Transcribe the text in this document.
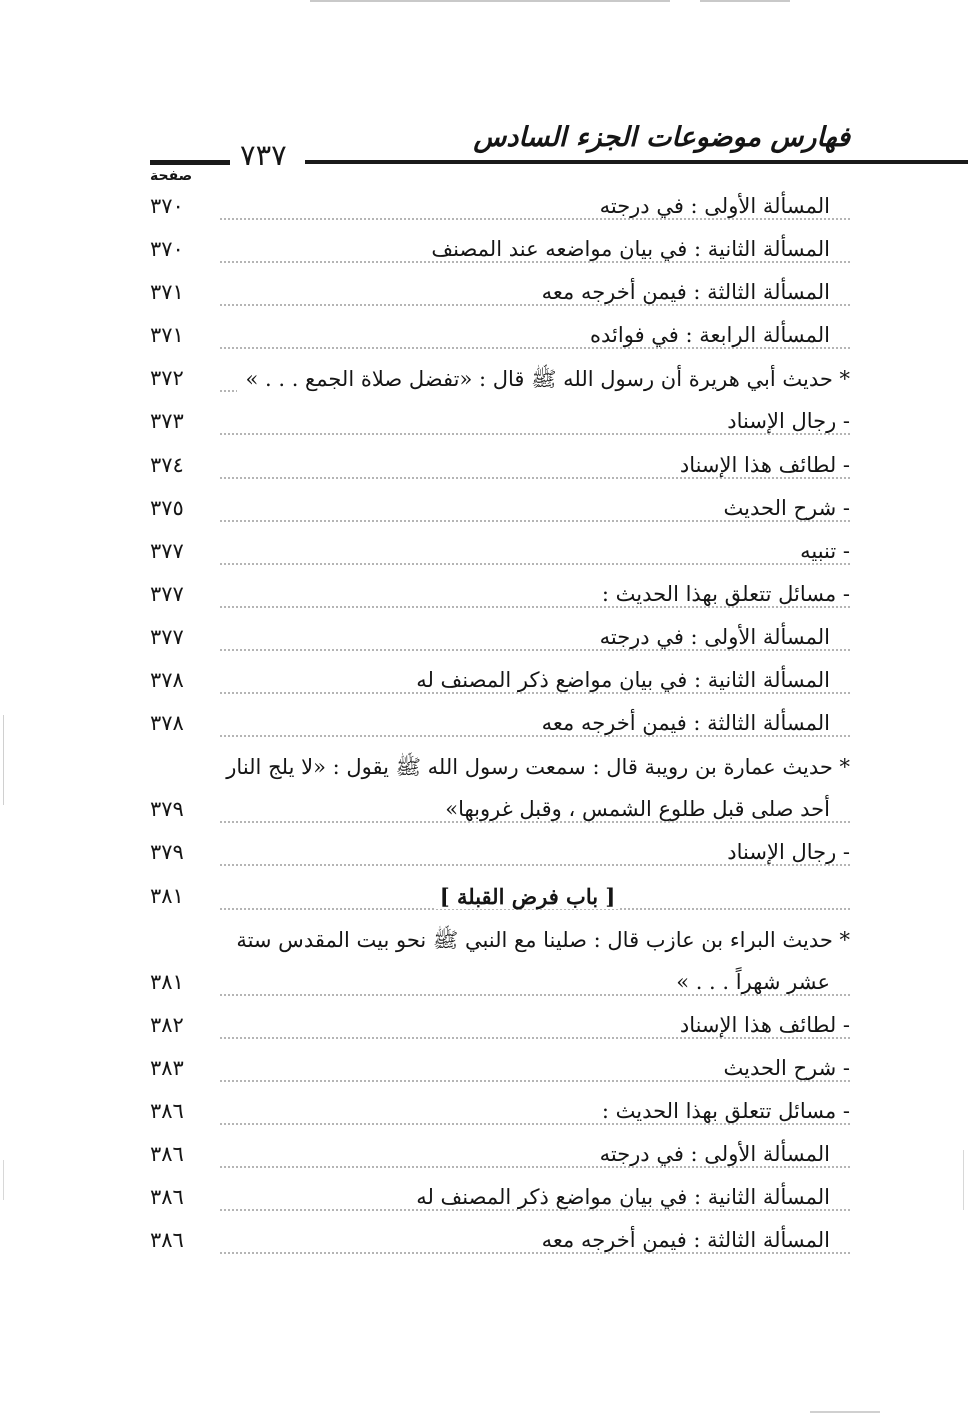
فهارس موضوعات الجزء السادس
٧٣٧
صفحة
المسألة الأولى : في درجته
٣٧٠
المسألة الثانية : في بيان مواضعه عند المصنف
٣٧٠
المسألة الثالثة : فيمن أخرجه معه
٣٧١
المسألة الرابعة : في فوائده
٣٧١
* حديث أبي هريرة أن رسول الله ﷺ قال : «تفضل صلاة الجمع . . . »
٣٧٢
- رجال الإسناد
٣٧٣
- لطائف هذا الإسناد
٣٧٤
- شرح الحديث
٣٧٥
- تنبيه
٣٧٧
- مسائل تتعلق بهذا الحديث :
٣٧٧
المسألة الأولى : في درجته
٣٧٧
المسألة الثانية : في بيان مواضع ذكر المصنف له
٣٧٨
المسألة الثالثة : فيمن أخرجه معه
٣٧٨
* حديث عمارة بن رويبة قال : سمعت رسول الله ﷺ يقول : «لا يلج النار
أحد صلى قبل طلوع الشمس ، وقبل غروبها»
٣٧٩
- رجال الإسناد
٣٧٩
[ باب فرض القبلة ]
٣٨١
* حديث البراء بن عازب قال : صلينا مع النبي ﷺ نحو بيت المقدس ستة
عشر شهراً . . . »
٣٨١
- لطائف هذا الإسناد
٣٨٢
- شرح الحديث
٣٨٣
- مسائل تتعلق بهذا الحديث :
٣٨٦
المسألة الأولى : في درجته
٣٨٦
المسألة الثانية : في بيان مواضع ذكر المصنف له
٣٨٦
المسألة الثالثة : فيمن أخرجه معه
٣٨٦
